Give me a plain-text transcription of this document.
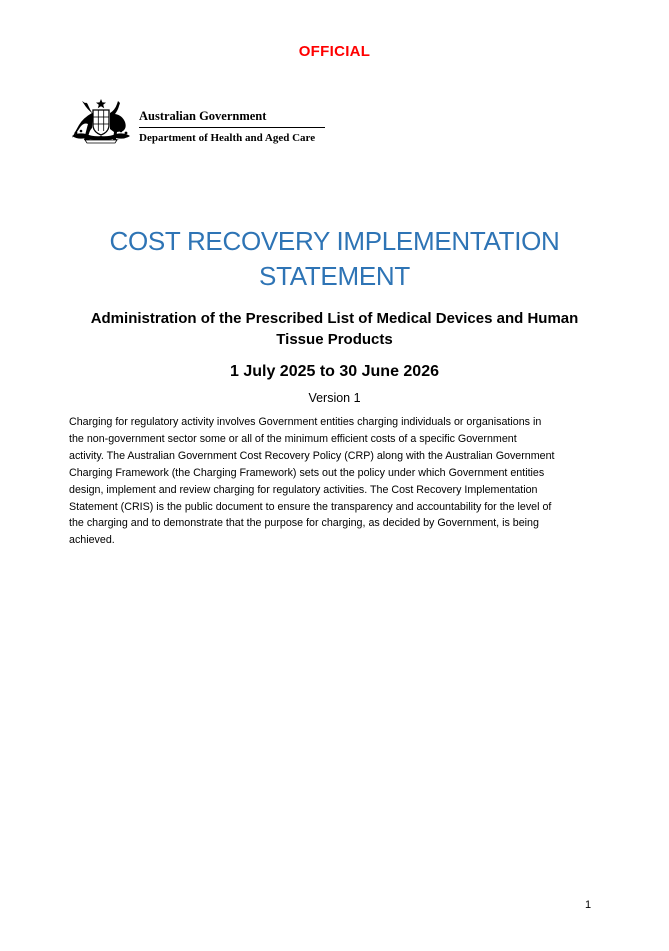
OFFICIAL
Australian Government
Department of Health and Aged Care
COST RECOVERY IMPLEMENTATION
STATEMENT
Administration of the Prescribed List of Medical Devices and Human
Tissue Products
1 July 2025 to 30 June 2026
Version 1
Charging for regulatory activity involves Government entities charging individuals or organisations in
the non-government sector some or all of the minimum efficient costs of a specific Government
activity. The Australian Government Cost Recovery Policy (CRP) along with the Australian Government
Charging Framework (the Charging Framework) sets out the policy under which Government entities
design, implement and review charging for regulatory activities. The Cost Recovery Implementation
Statement (CRIS) is the public document to ensure the transparency and accountability for the level of
the charging and to demonstrate that the purpose for charging, as decided by Government, is being
achieved.
1
